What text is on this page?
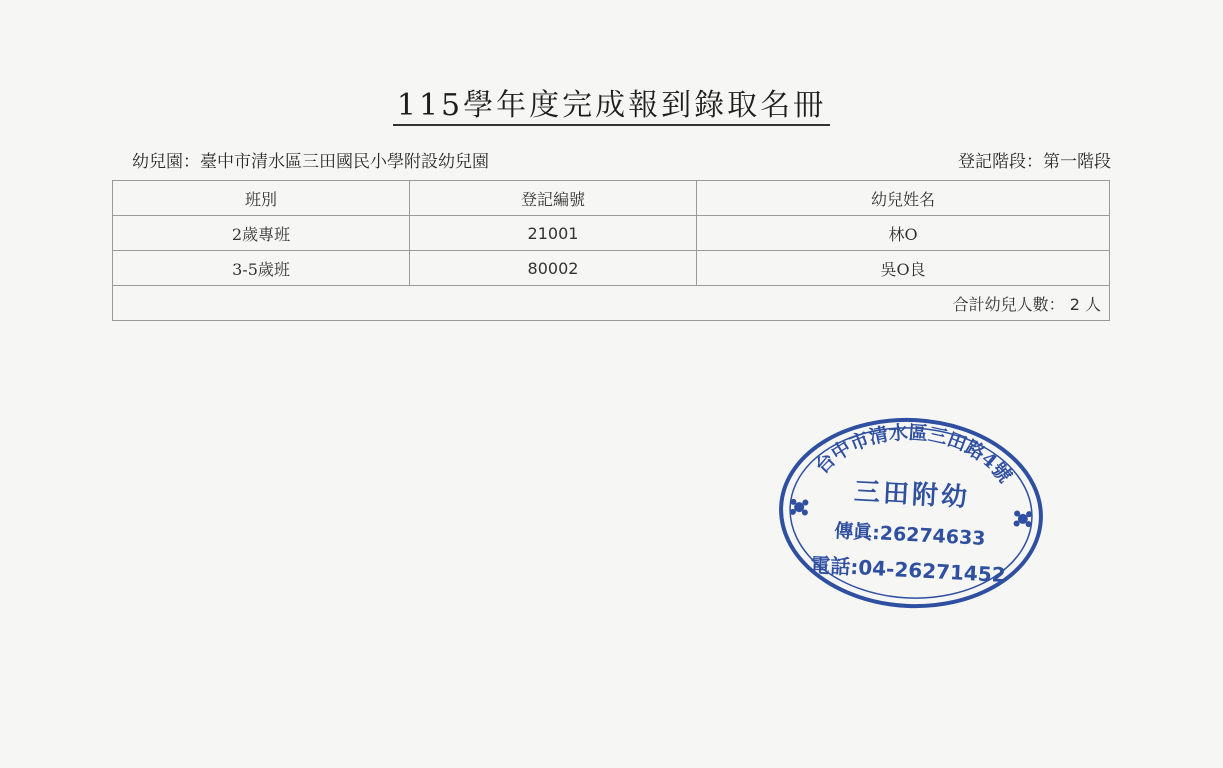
115學年度完成報到錄取名冊
幼兒園：臺中市清水區三田國民小學附設幼兒園	登記階段：第一階段
班別	登記編號	幼兒姓名
2歲專班	21001	林O
3-5歲班	80002	吳O良
合計幼兒人數： 2 人		
台中市清水區三田路4號
三田附幼
傳眞:26274633
電話:04-26271452
